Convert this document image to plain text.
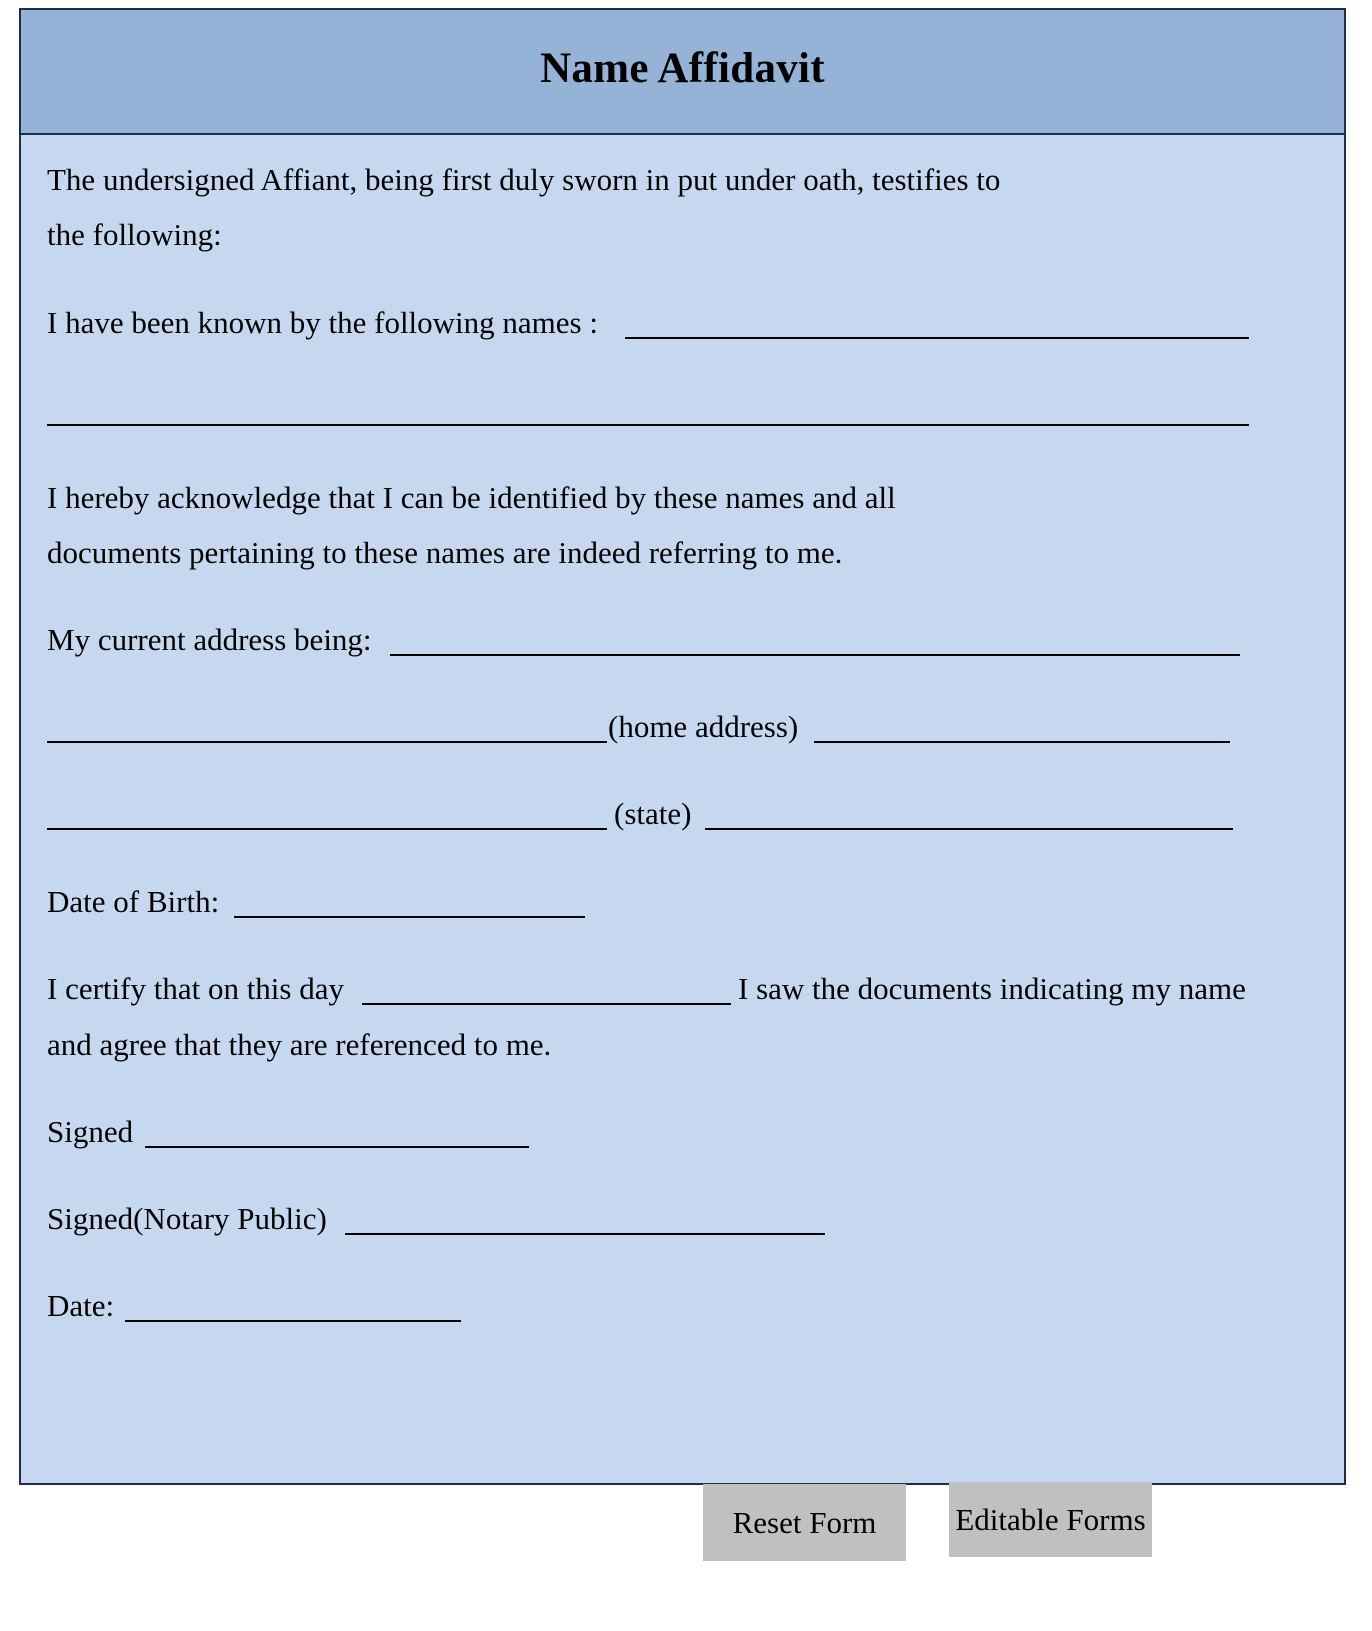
Name Affidavit
The undersigned Affiant, being first duly sworn in put under oath, testifies to
the following:
I have been known by the following names :
I hereby acknowledge that I can be identified by these names and all
documents pertaining to these names are indeed referring to me.
My current address being:
(home address)
(state)
Date of Birth:
I certify that on this day	I saw the documents indicating my name
and agree that they are referenced to me.
Signed
Signed(Notary Public)
Date:
Reset Form	Editable Forms
